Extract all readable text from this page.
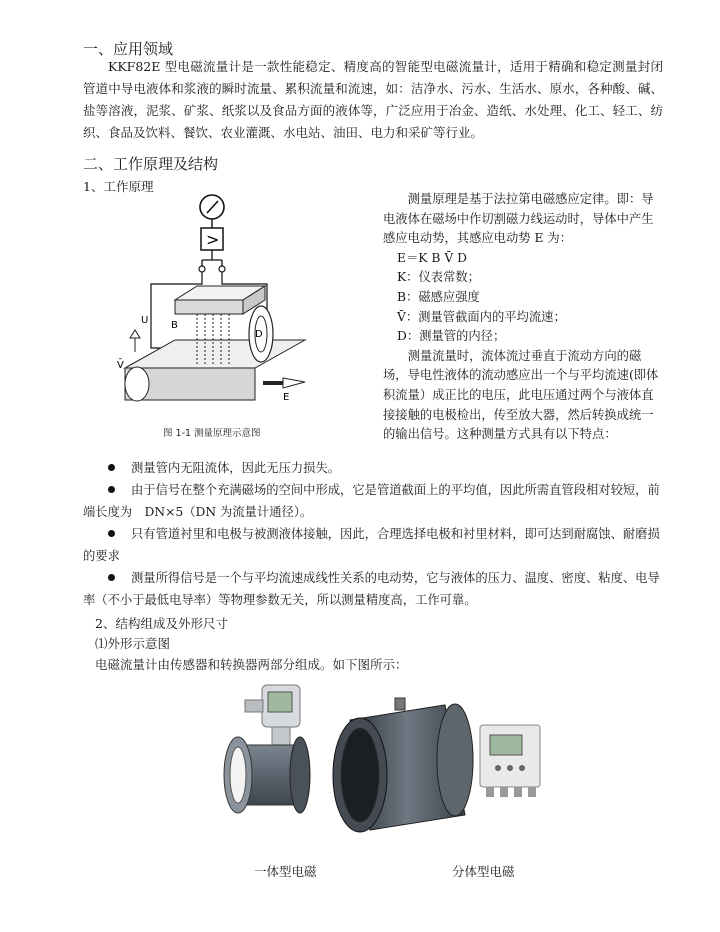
一、应用领域

KKF82E 型电磁流量计是一款性能稳定、精度高的智能型电磁流量计，适用于精确和稳定测量封闭管道中导电液体和浆液的瞬时流量、累积流量和流速，如：洁净水、污水、生活水、原水，各种酸、碱、盐等溶液，泥浆、矿浆、纸浆以及食品方面的液体等，广泛应用于冶金、造纸、水处理、化工、轻工、纺织、食品及饮料、餐饮、农业灌溉、水电站、油田、电力和采矿等行业。

二、工作原理及结构
1、工作原理
>
U B
D
V̄
E
图 1-1 测量原理示意图

测量原理是基于法拉第电磁感应定律。即：导电液体在磁场中作切割磁力线运动时，导体中产生感应电动势，其感应电动势 E 为：

E＝K B V̄ D

K：仪表常数；

B：磁感应强度

V̄：测量管截面内的平均流速；

D：测量管的内径；

测量流量时，流体流过垂直于流动方向的磁场，导电性液体的流动感应出一个与平均流速(即体积流量）成正比的电压，此电压通过两个与液体直接接触的电极检出，传至放大器，然后转换成统一的输出信号。这种测量方式具有以下特点：

测量管内无阻流体，因此无压力损失。

由于信号在整个充满磁场的空间中形成，它是管道截面上的平均值，因此所需直管段相对较短，前端长度为　DN×5（DN 为流量计通径）。

只有管道衬里和电极与被测液体接触，因此，合理选择电极和衬里材料，即可达到耐腐蚀、耐磨损的要求

测量所得信号是一个与平均流速成线性关系的电动势，它与液体的压力、温度、密度、粘度、电导率（不小于最低电导率）等物理参数无关，所以测量精度高，工作可靠。

2、结构组成及外形尺寸
⑴外形示意图
电磁流量计由传感器和转换器两部分组成。如下图所示：
一体型电磁	分体型电磁
